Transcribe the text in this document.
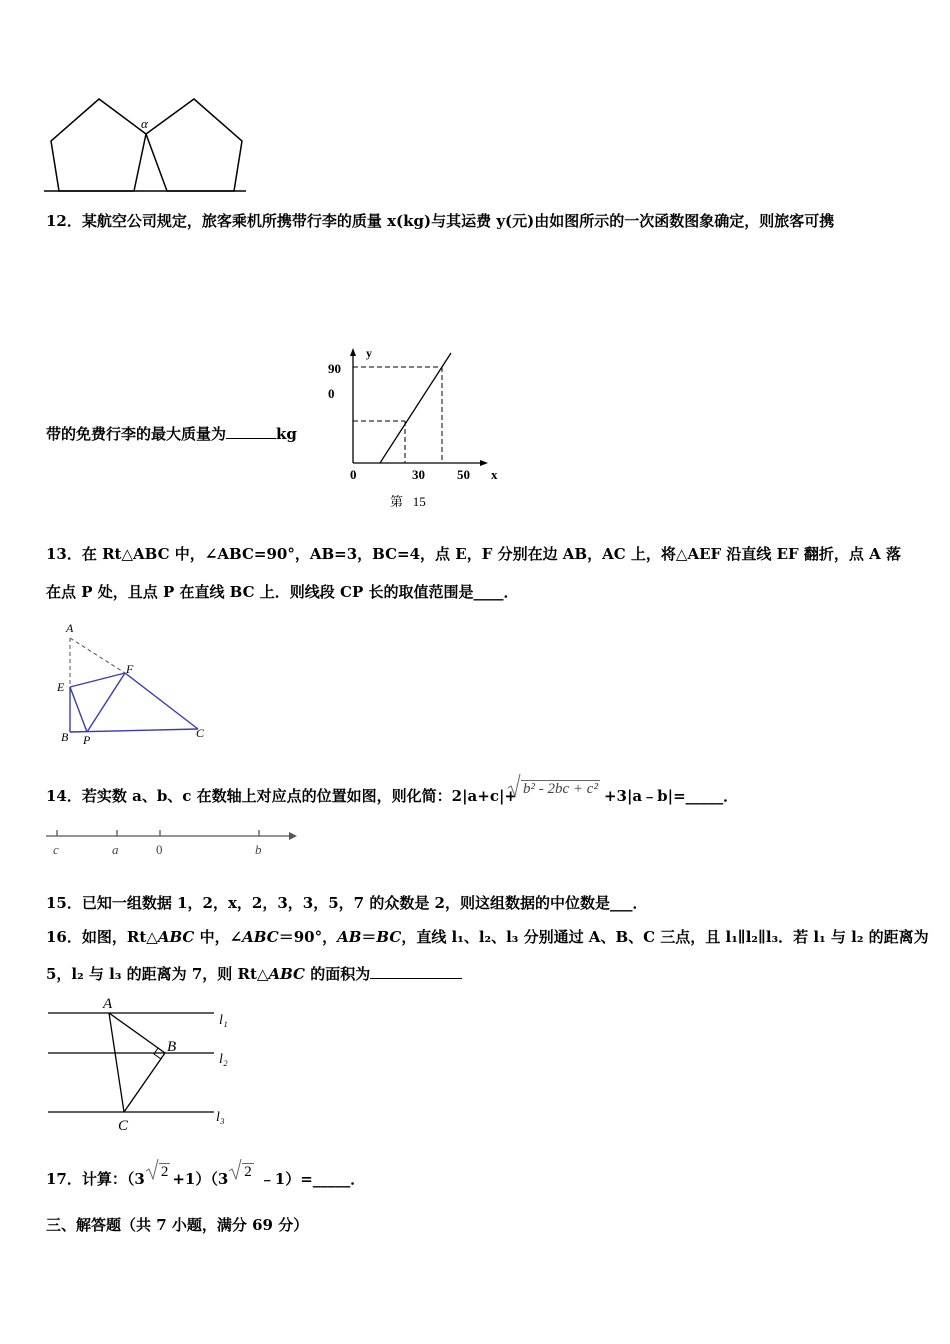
α
12．某航空公司规定，旅客乘机所携带行李的质量 x(kg)与其运费 y(元)由如图所示的一次函数图象确定，则旅客可携
带的免费行李的最大质量为	kg
y
90
0
0	30 50 x
第   15
13．在 Rt△ABC 中，∠ABC=90°，AB=3，BC=4，点 E，F 分别在边 AB，AC 上，将△AEF 沿直线 EF 翻折，点 A 落
在点 P 处，且点 P 在直线 BC 上．则线段 CP 长的取值范围是____．
A
E
F
B P	C
14．若实数 a、b、c 在数轴上对应点的位置如图，则化简：2|a+c|+ b² - 2bc + c² +3|a﹣b|=_____．
c	a	0	b
15．已知一组数据 1，2，x，2，3，3，5，7 的众数是 2，则这组数据的中位数是___．
16．如图，Rt△ABC 中，∠ABC＝90°，AB＝BC，直线 l₁、l₂、l₃ 分别通过 A、B、C 三点，且 l₁∥l₂∥l₃．若 l₁ 与 l₂ 的距离为
5，l₂ 与 l₃ 的距离为 7，则 Rt△ABC 的面积为
A
B
C
l₁
l₂
l₃
17．计算：（3 2 +1）（3 2 ﹣1）=_____．
三、解答题（共 7 小题，满分 69 分）
